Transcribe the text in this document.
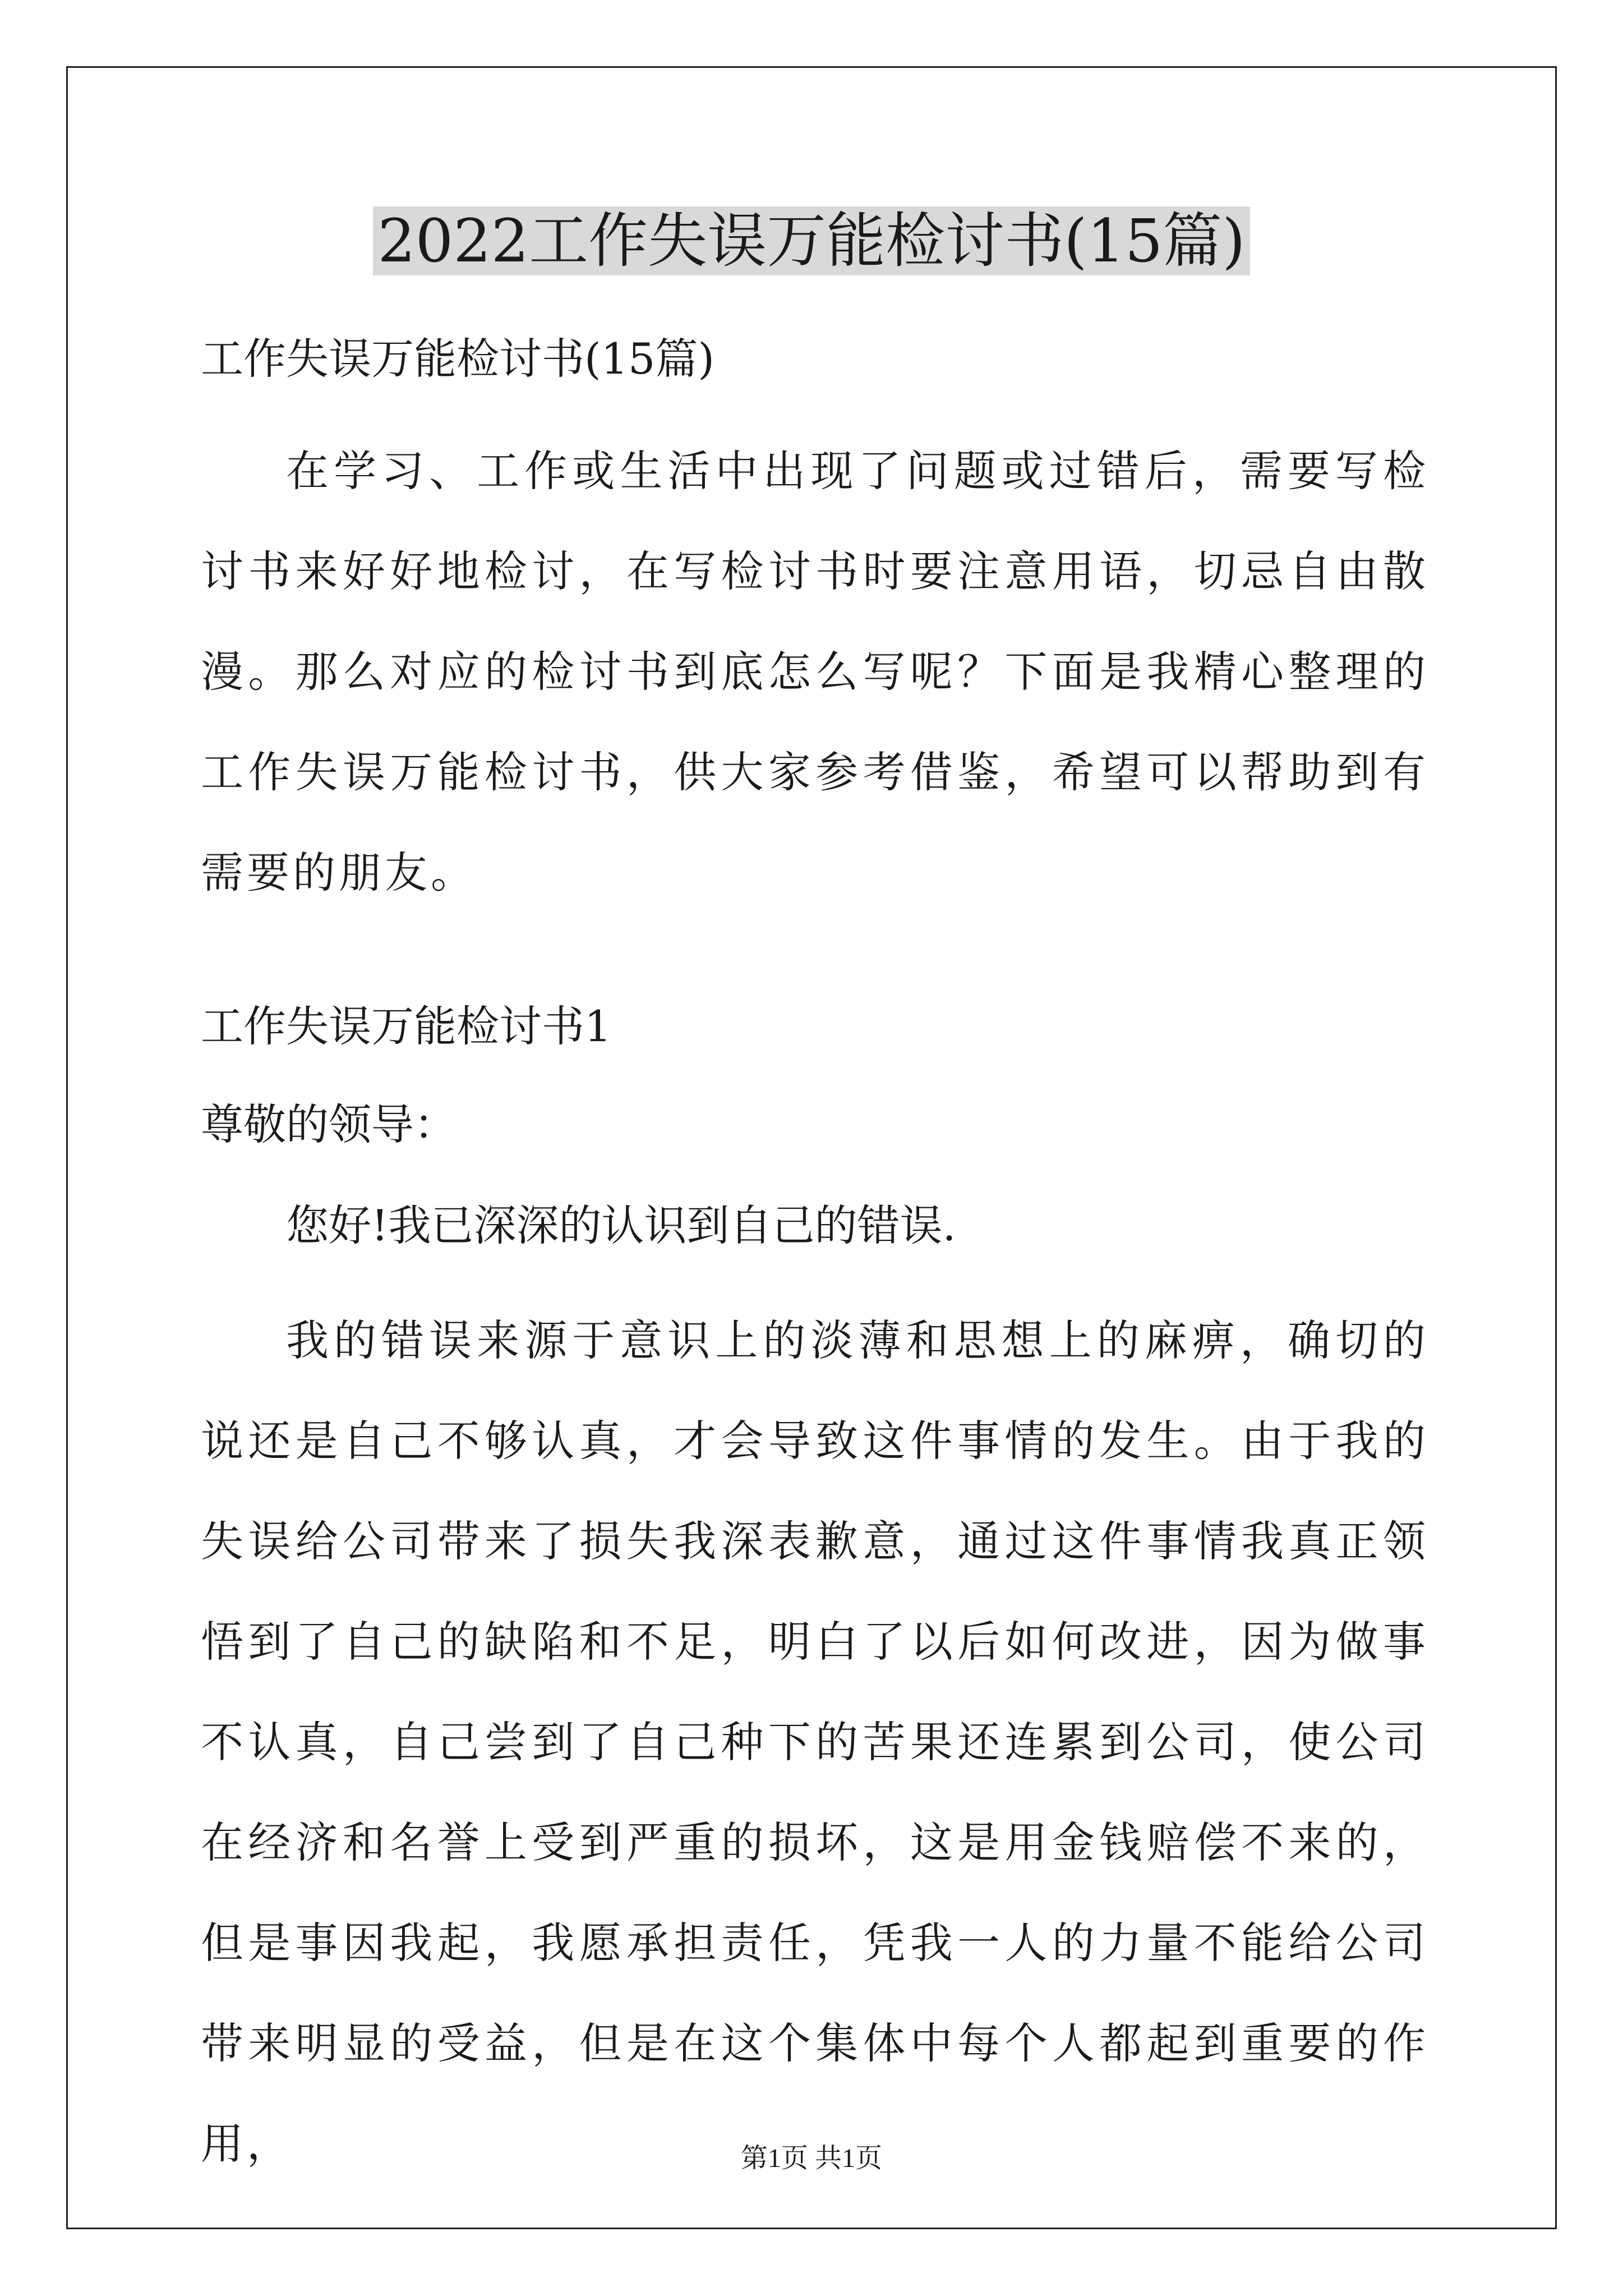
2022工作失误万能检讨书(15篇)

工作失误万能检讨书(15篇)

在学习、工作或生活中出现了问题或过错后，需要写检讨书来好好地检讨，在写检讨书时要注意用语，切忌自由散漫。那么对应的检讨书到底怎么写呢？下面是我精心整理的工作失误万能检讨书，供大家参考借鉴，希望可以帮助到有需要的朋友。

工作失误万能检讨书1

尊敬的领导：

您好!我已深深的认识到自己的错误.

我的错误来源于意识上的淡薄和思想上的麻痹，确切的说还是自己不够认真，才会导致这件事情的发生。由于我的失误给公司带来了损失我深表歉意，通过这件事情我真正领悟到了自己的缺陷和不足，明白了以后如何改进，因为做事不认真，自己尝到了自己种下的苦果还连累到公司，使公司在经济和名誉上受到严重的损坏，这是用金钱赔偿不来的，但是事因我起，我愿承担责任，凭我一人的力量不能给公司带来明显的受益，但是在这个集体中每个人都起到重要的作用，	第1页 共1页
